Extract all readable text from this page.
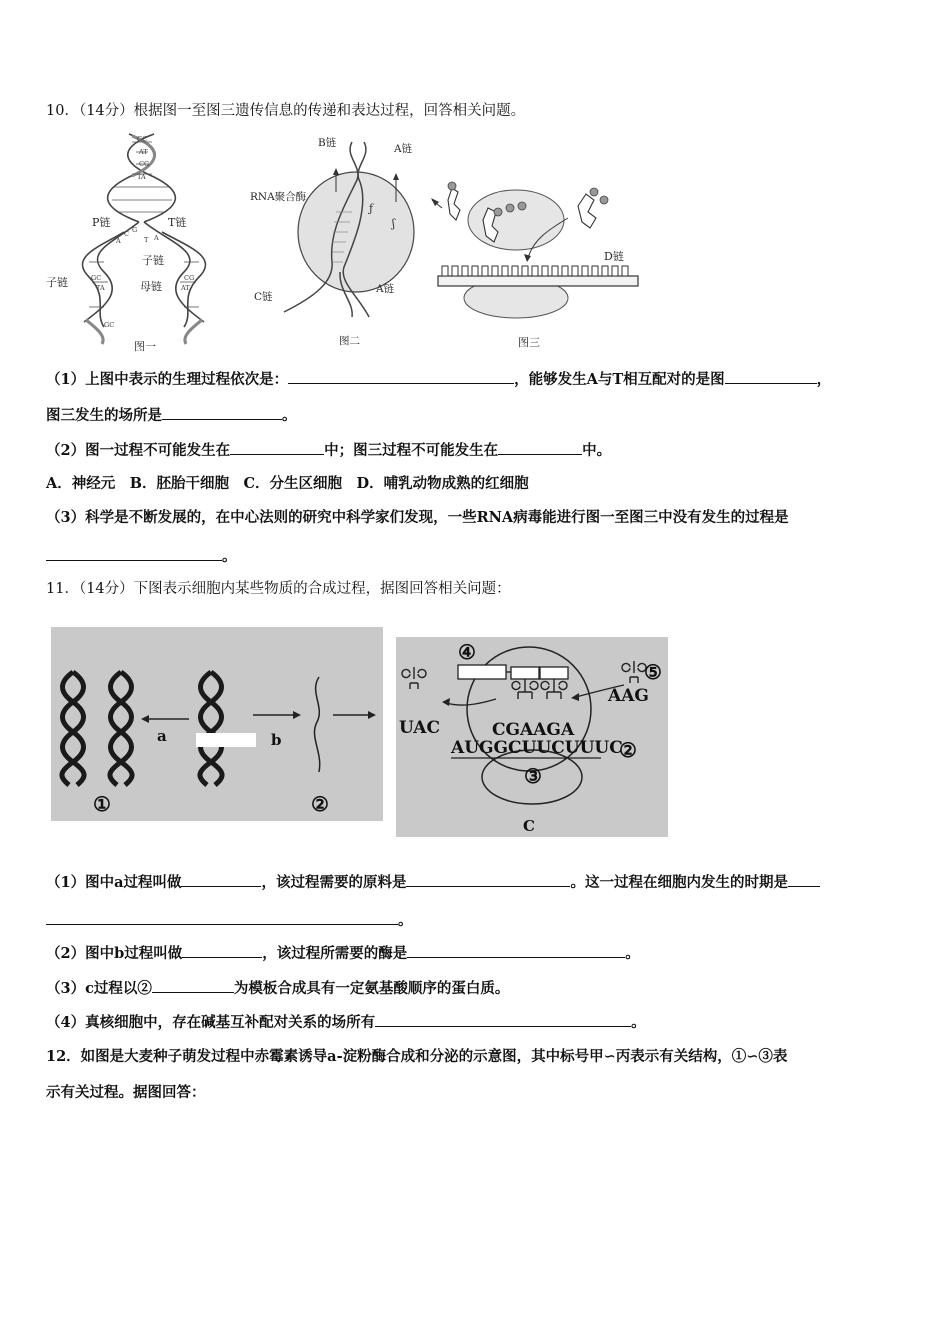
10．（14分）根据图一至图三遗传信息的传递和表达过程，回答相关问题。
GC
AT
CG
TA
C G
A	T A
GC
TA
CG
AT
GC
P链	T链
子链
子链	母链
图一
ƒ
ʃ
B链	A链
RNA聚合酶
C链
A链
图二
D链
图三
（1）上图中表示的生理过程依次是：	，能够发生A与T相互配对的是图	，
图三发生的场所是	。
（2）图一过程不可能发生在	中；图三过程不可能发生在	中。
A．神经元　B．胚胎干细胞　C．分生区细胞　D．哺乳动物成熟的红细胞
（3）科学是不断发展的，在中心法则的研究中科学家们发现，一些RNA病毒能进行图一至图三中没有发生的过程是
。
11．（14分）下图表示细胞内某些物质的合成过程，据图回答相关问题：
a	b
①	②
④
⑤
UAC
AAG
CGAAGA
AUGGCUUCUUUC
②
③
C
（1）图中a过程叫做	，该过程需要的原料是	。这一过程在细胞内发生的时期是
。
（2）图中b过程叫做	，该过程所需要的酶是	。
（3）c过程以②	为模板合成具有一定氨基酸顺序的蛋白质。
（4）真核细胞中，存在碱基互补配对关系的场所有	。
12．如图是大麦种子萌发过程中赤霉素诱导a-淀粉酶合成和分泌的示意图，其中标号甲∽丙表示有关结构，①∽③表
示有关过程。据图回答：
